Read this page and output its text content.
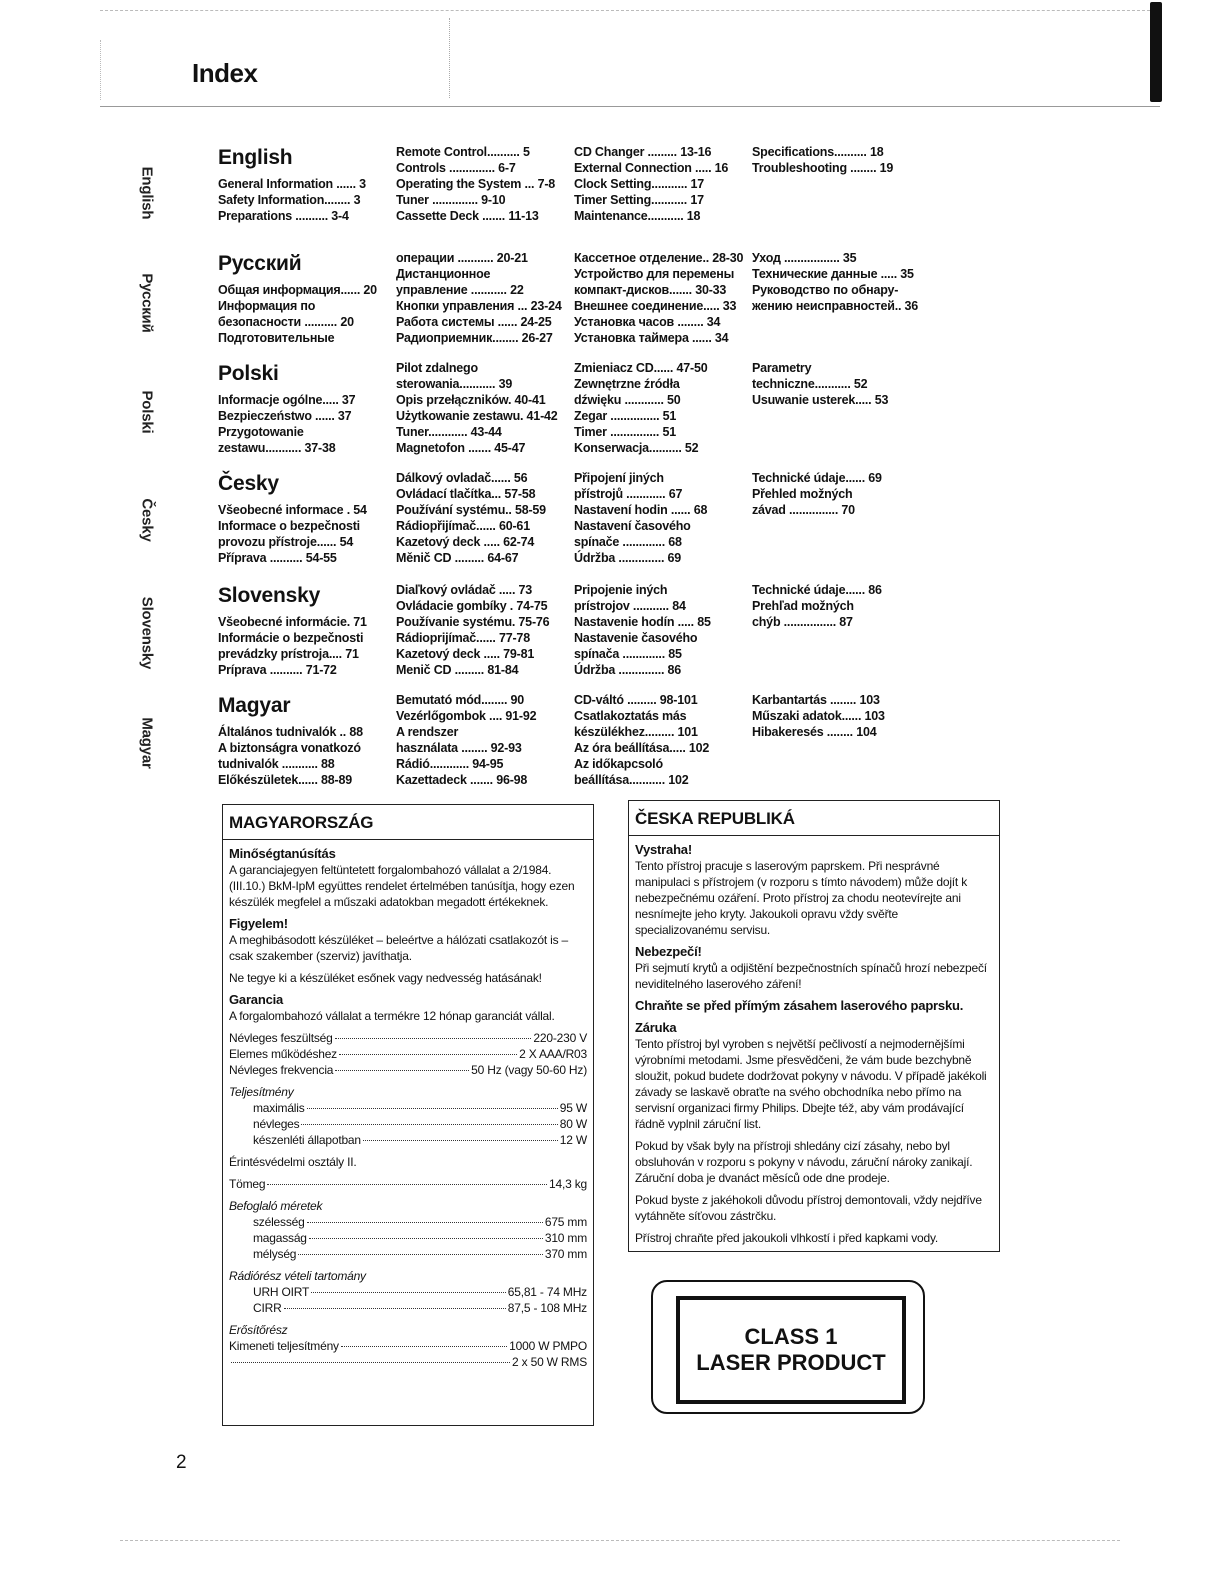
Index
English
Русский
Polski
Česky
Slovensky
Magyar
English
General Information ...... 3
Safety Information........ 3
Preparations .......... 3-4
Remote Control.......... 5
Controls .............. 6-7
Operating the System ... 7-8
Tuner .............. 9-10
Cassette Deck ....... 11-13
CD Changer ......... 13-16
External Connection ..... 16
Clock Setting........... 17
Timer Setting........... 17
Maintenance........... 18
Specifications.......... 18
Troubleshooting ........ 19
Русский
Общая информация...... 20
Информация по
безопасности .......... 20
Подготовительные
операции ........... 20-21
Дистанционное
управление ........... 22
Кнопки управления ... 23-24
Работа системы ...... 24-25
Радиоприемник........ 26-27
Кассетное отделение.. 28-30
Устройство для перемены
компакт-дисков....... 30-33
Внешнее соединение..... 33
Установка часов ........ 34
Установка таймера ...... 34
Уход ................. 35
Технические данные ..... 35
Руководство по обнару-
жению неисправностей.. 36
Polski
Informacje ogólne..... 37
Bezpieczeństwo ...... 37
Przygotowanie
zestawu........... 37-38
Pilot zdalnego
sterowania........... 39
Opis przełączników. 40-41
Użytkowanie zestawu. 41-42
Tuner............ 43-44
Magnetofon ....... 45-47
Zmieniacz CD...... 47-50
Zewnętrzne źródła
dźwięku ............ 50
Zegar ............... 51
Timer ............... 51
Konserwacja.......... 52
Parametry
techniczne........... 52
Usuwanie usterek..... 53
Česky
Všeobecné informace . 54
Informace o bezpečnosti
provozu přístroje...... 54
Příprava .......... 54-55
Dálkový ovladač...... 56
Ovládací tlačítka... 57-58
Používání systému.. 58-59
Rádiopřijímač...... 60-61
Kazetový deck ..... 62-74
Měnič CD ......... 64-67
Připojení jiných
přístrojů ............ 67
Nastavení hodin ...... 68
Nastavení časového
spínače ............. 68
Údržba .............. 69
Technické údaje...... 69
Přehled možných
závad ............... 70
Slovensky
Všeobecné informácie. 71
Informácie o bezpečnosti
prevádzky prístroja.... 71
Príprava .......... 71-72
Diaľkový ovládač ..... 73
Ovládacie gombíky . 74-75
Používanie systému. 75-76
Rádioprijímač...... 77-78
Kazetový deck ..... 79-81
Menič CD ......... 81-84
Pripojenie iných
prístrojov ........... 84
Nastavenie hodín ..... 85
Nastavenie časového
spínača ............. 85
Údržba .............. 86
Technické údaje...... 86
Prehľad možných
chýb ................ 87
Magyar
Általános tudnivalók .. 88
A biztonságra vonatkozó
tudnivalók ........... 88
Előkészületek...... 88-89
Bemutató mód........ 90
Vezérlőgombok .... 91-92
A rendszer
használata ........ 92-93
Rádió............ 94-95
Kazettadeck ....... 96-98
CD-váltó ......... 98-101
Csatlakoztatás más
készülékhez......... 101
Az óra beállítása..... 102
Az időkapcsoló
beállítása........... 102
Karbantartás ........ 103
Műszaki adatok...... 103
Hibakeresés ........ 104
MAGYARORSZÁG
Minőségtanúsítás
A garanciajegyen feltüntetett forgalombahozó vállalat a 2/1984. (III.10.) BkM-IpM együttes rendelet értelmében tanúsítja, hogy ezen készülék megfelel a műszaki adatokban megadott értékeknek.
Figyelem!
A meghibásodott készüléket – beleértve a hálózati csatlakozót is – csak szakember (szerviz) javíthatja.
Ne tegye ki a készüléket esőnek vagy nedvesség hatásának!
Garancia
A forgalombahozó vállalat a termékre 12 hónap garanciát vállal.
Névleges feszültség	220-230 V
Elemes működéshez	2 X AAA/R03
Névleges frekvencia	50 Hz (vagy 50-60 Hz)
Teljesítmény
maximális	95 W
névleges	80 W
készenléti állapotban	12 W
Érintésvédelmi osztály II.
Tömeg	14,3 kg
Befoglaló méretek
szélesség	675 mm
magasság	310 mm
mélység	370 mm
Rádiórész vételi tartomány
URH OIRT	65,81 - 74 MHz
CIRR	87,5 - 108 MHz
Erősítőrész
Kimeneti teljesítmény	1000 W PMPO
2 x 50 W RMS
ČESKA REPUBLIKÁ
Vystraha!
Tento přístroj pracuje s laserovým paprskem. Při nesprávné manipulaci s přístrojem (v rozporu s tímto návodem) může dojít k nebezpečnému ozáření. Proto přístroj za chodu neotevírejte ani nesnímejte jeho kryty. Jakoukoli opravu vždy svěřte specializovanému servisu.
Nebezpečí!
Při sejmutí krytů a odjištění bezpečnostních spínačů hrozí nebezpečí neviditelného laserového záření!
Chraňte se před přímým zásahem laserového paprsku.
Záruka
Tento přístroj byl vyroben s největší pečlivostí a nejmodernějšími výrobními metodami. Jsme přesvědčeni, že vám bude bezchybně sloužit, pokud budete dodržovat pokyny v návodu. V případě jakékoli závady se laskavě obraťte na svého obchodníka nebo přímo na servisní organizaci firmy Philips. Dbejte též, aby vám prodávající řádně vyplnil záruční list.
Pokud by však byly na přístroji shledány cizí zásahy, nebo byl obsluhován v rozporu s pokyny v návodu, záruční nároky zanikají. Záruční doba je dvanáct měsíců ode dne prodeje.
Pokud byste z jakéhokoli důvodu přístroj demontovali, vždy nejdříve vytáhněte síťovou zástrčku.
Přístroj chraňte před jakoukoli vlhkostí i před kapkami vody.
CLASS 1
LASER PRODUCT
2
